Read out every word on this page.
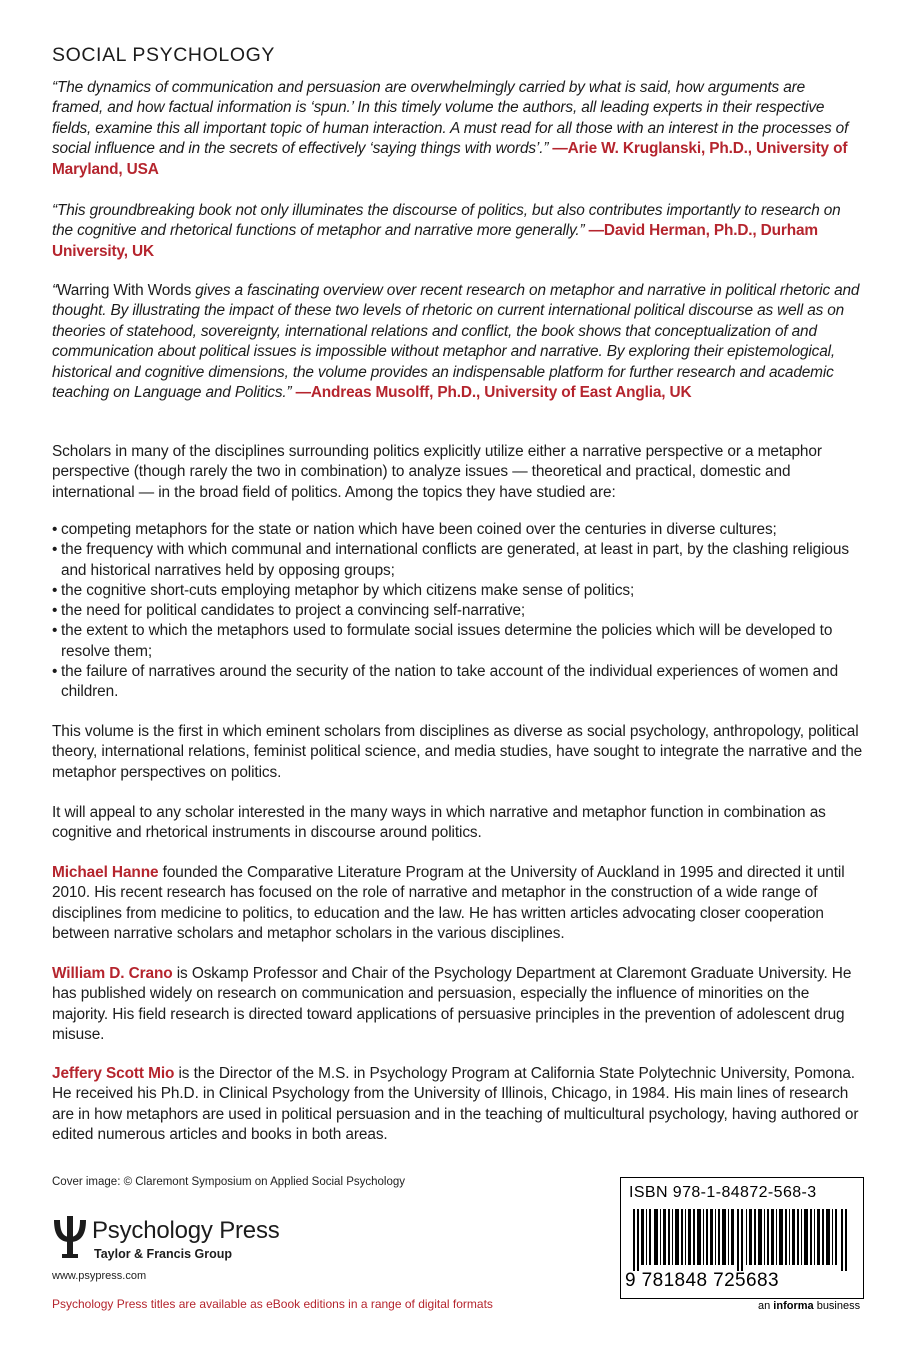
SOCIAL PSYCHOLOGY

“The dynamics of communication and persuasion are overwhelmingly carried by what is said, how arguments are framed, and how factual information is ‘spun.’ In this timely volume the authors, all leading experts in their respective fields, examine this all important topic of human interaction. A must read for all those with an interest in the processes of social influence and in the secrets of effectively ‘saying things with words’.” —Arie W. Kruglanski, Ph.D., University of Maryland, USA

“This groundbreaking book not only illuminates the discourse of politics, but also contributes importantly to research on the cognitive and rhetorical functions of metaphor and narrative more generally.” —David Herman, Ph.D., Durham University, UK

“Warring With Words gives a fascinating overview over recent research on metaphor and narrative in political rhetoric and thought. By illustrating the impact of these two levels of rhetoric on current international political discourse as well as on theories of statehood, sovereignty, international relations and conflict, the book shows that conceptualization of and communication about political issues is impossible without metaphor and narrative. By exploring their epistemological, historical and cognitive dimensions, the volume provides an indispensable platform for further research and academic teaching on Language and Politics.” —Andreas Musolff, Ph.D., University of East Anglia, UK

Scholars in many of the disciplines surrounding politics explicitly utilize either a narrative perspective or a metaphor perspective (though rarely the two in combination) to analyze issues — theoretical and practical, domestic and international — in the broad field of politics. Among the topics they have studied are:

• competing metaphors for the state or nation which have been coined over the centuries in diverse cultures;
• the frequency with which communal and international conflicts are generated, at least in part, by the clashing religious and historical narratives held by opposing groups;
• the cognitive short-cuts employing metaphor by which citizens make sense of politics;
• the need for political candidates to project a convincing self-narrative;
• the extent to which the metaphors used to formulate social issues determine the policies which will be developed to resolve them;
• the failure of narratives around the security of the nation to take account of the individual experiences of women and children.

This volume is the first in which eminent scholars from disciplines as diverse as social psychology, anthropology, political theory, international relations, feminist political science, and media studies, have sought to integrate the narrative and the metaphor perspectives on politics.

It will appeal to any scholar interested in the many ways in which narrative and metaphor function in combination as cognitive and rhetorical instruments in discourse around politics.

Michael Hanne founded the Comparative Literature Program at the University of Auckland in 1995 and directed it until 2010. His recent research has focused on the role of narrative and metaphor in the construction of a wide range of disciplines from medicine to politics, to education and the law. He has written articles advocating closer cooperation between narrative scholars and metaphor scholars in the various disciplines.

William D. Crano is Oskamp Professor and Chair of the Psychology Department at Claremont Graduate University. He has published widely on research on communication and persuasion, especially the influence of minorities on the majority. His field research is directed toward applications of persuasive principles in the prevention of adolescent drug misuse.

Jeffery Scott Mio is the Director of the M.S. in Psychology Program at California State Polytechnic University, Pomona. He received his Ph.D. in Clinical Psychology from the University of Illinois, Chicago, in 1984. His main lines of research are in how metaphors are used in political persuasion and in the teaching of multicultural psychology, having authored or edited numerous articles and books in both areas.

Cover image: © Claremont Symposium on Applied Social Psychology
Psychology Press
Taylor & Francis Group
www.psypress.com
Psychology Press titles are available as eBook editions in a range of digital formats
ISBN 978-1-84872-568-3
9 781848 725683
an informa business
